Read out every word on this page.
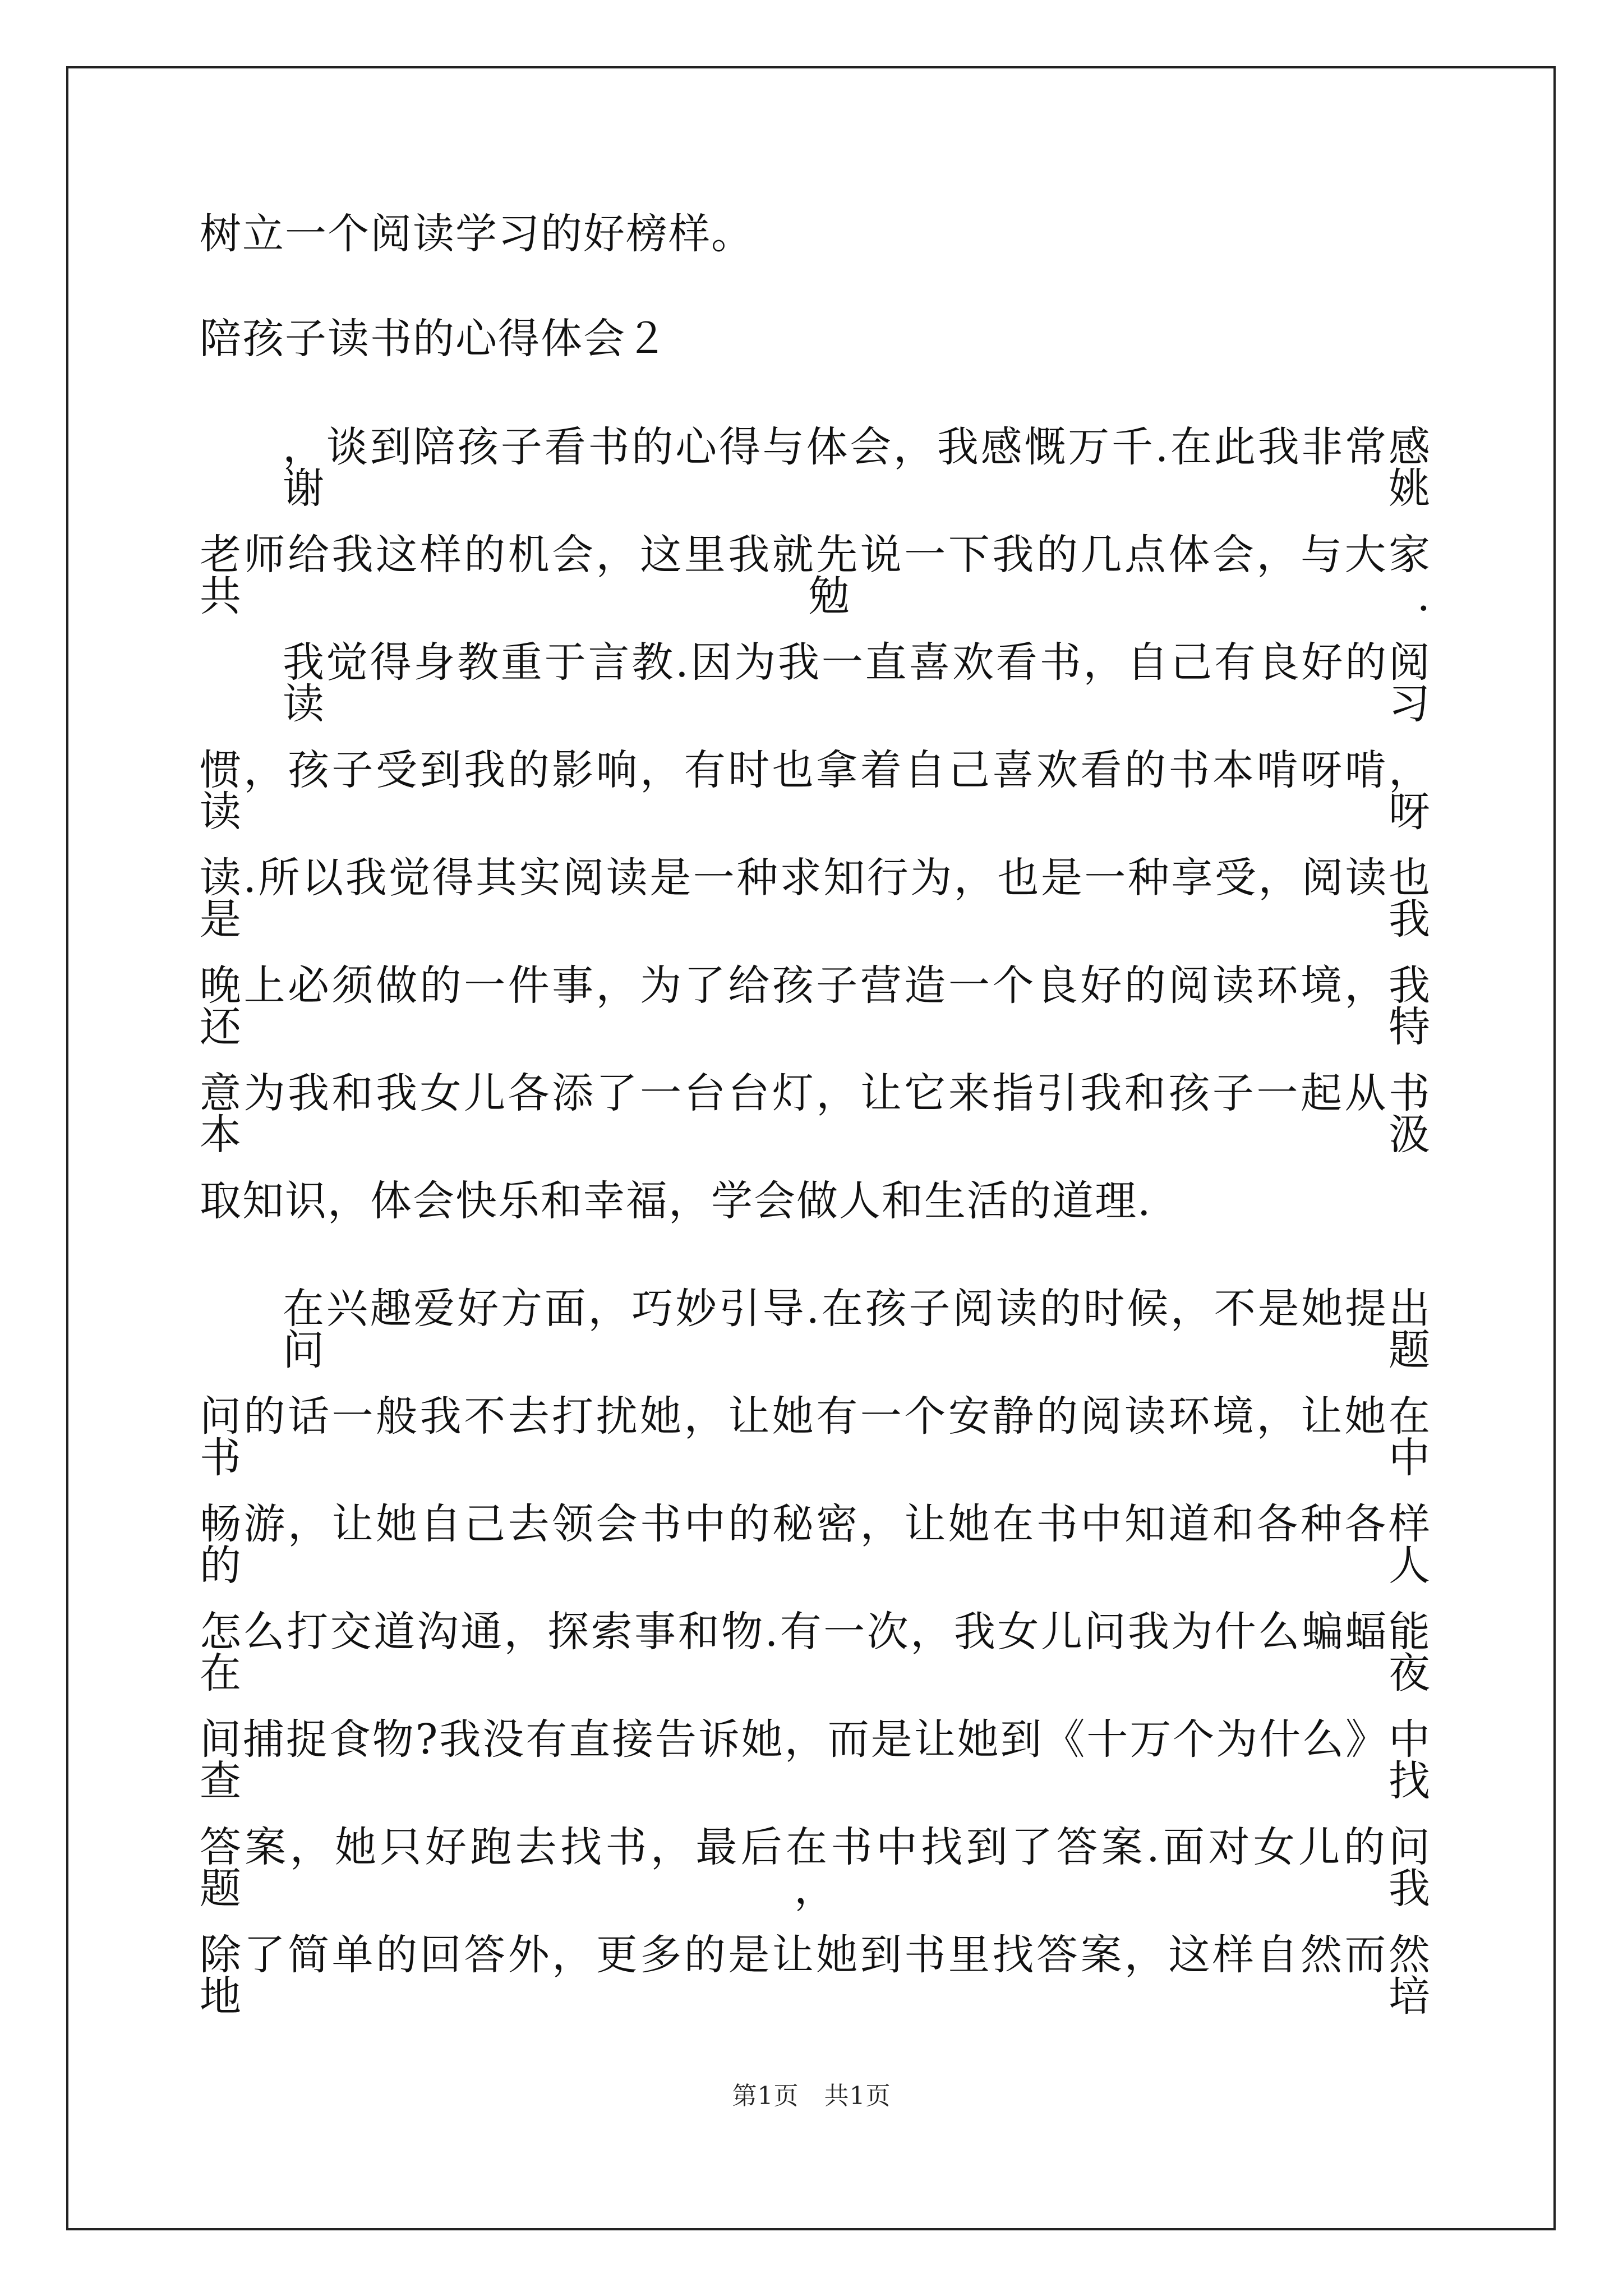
树立一个阅读学习的好榜样。
陪孩子读书的心得体会２
，谈到陪孩子看书的心得与体会，我感慨万千.在此我非常感谢姚
老师给我这样的机会，这里我就先说一下我的几点体会，与大家共勉.
我觉得身教重于言教.因为我一直喜欢看书，自己有良好的阅读习
惯，孩子受到我的影响，有时也拿着自己喜欢看的书本啃呀啃，读呀
读.所以我觉得其实阅读是一种求知行为，也是一种享受，阅读也是我
晚上必须做的一件事，为了给孩子营造一个良好的阅读环境，我还特
意为我和我女儿各添了一台台灯，让它来指引我和孩子一起从书本汲
取知识，体会快乐和幸福，学会做人和生活的道理.
在兴趣爱好方面，巧妙引导.在孩子阅读的时候，不是她提出问题
问的话一般我不去打扰她，让她有一个安静的阅读环境，让她在书中
畅游，让她自己去领会书中的秘密，让她在书中知道和各种各样的人
怎么打交道沟通，探索事和物.有一次，我女儿问我为什么蝙蝠能在夜
间捕捉食物?我没有直接告诉她，而是让她到《十万个为什么》中查找
答案，她只好跑去找书，最后在书中找到了答案.面对女儿的问题，我
除了简单的回答外，更多的是让她到书里找答案，这样自然而然地培
第1页　共1页
